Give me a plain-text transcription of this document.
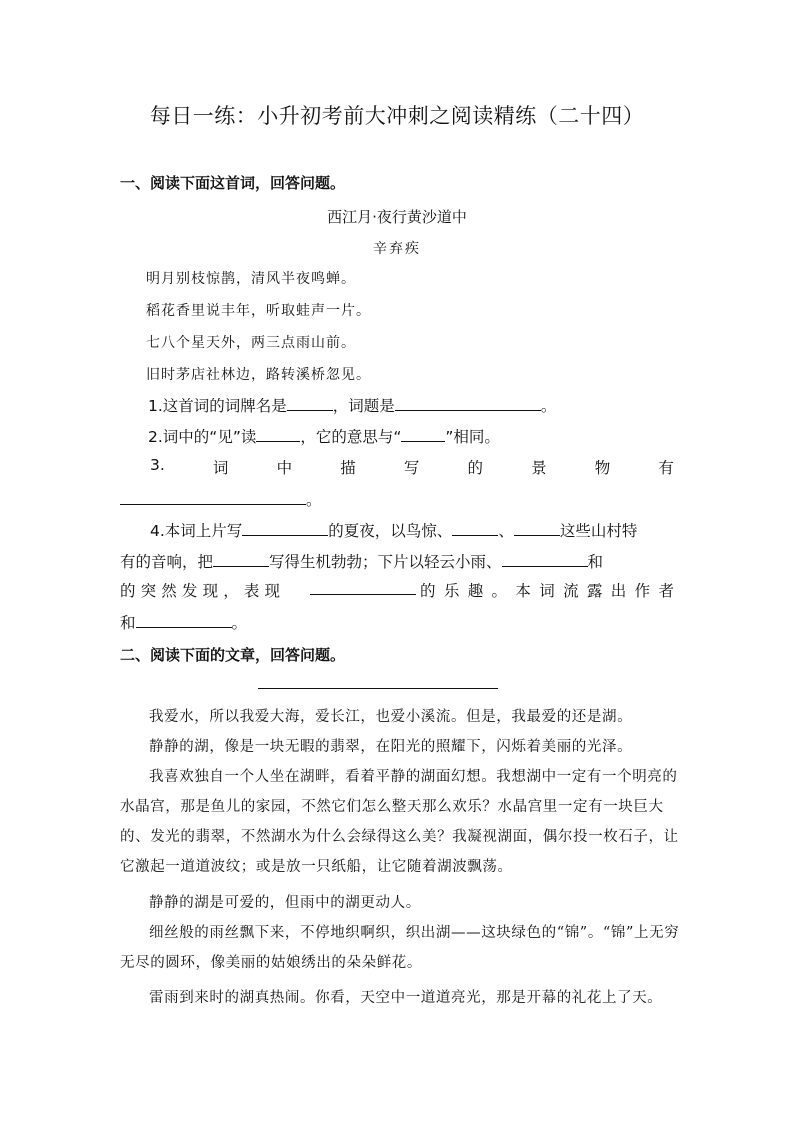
每日一练：小升初考前大冲刺之阅读精练（二十四）
一、阅读下面这首词，回答问题。
西江月·夜行黄沙道中
辛弃疾
明月别枝惊鹊，清风半夜鸣蝉。
稻花香里说丰年，听取蛙声一片。
七八个星天外，两三点雨山前。
旧时茅店社林边，路转溪桥忽见。
1.这首词的词牌名是	，词题是	。
2.词中的“见”读	，它的意思与“	”相同。
3.	词	中	描	写	的	景	物	有
。
4.本词上片写	的夏夜，以鸟惊、	、	这些山村特
有的音响，把	写得生机勃勃；下片以轻云小雨、	和
的 突 然 发 现 ， 表 现	的 乐 趣 。 本 词 流 露 出 作 者
和	。
二、阅读下面的文章，回答问题。
我爱水，所以我爱大海，爱长江，也爱小溪流。但是，我最爱的还是湖。
静静的湖，像是一块无暇的翡翠，在阳光的照耀下，闪烁着美丽的光泽。
我喜欢独自一个人坐在湖畔，看着平静的湖面幻想。我想湖中一定有一个明亮的水晶宫，那是鱼儿的家园，不然它们怎么整天那么欢乐？水晶宫里一定有一块巨大的、发光的翡翠，不然湖水为什么会绿得这么美？我凝视湖面，偶尔投一枚石子，让它激起一道道波纹；或是放一只纸船，让它随着湖波飘荡。
静静的湖是可爱的，但雨中的湖更动人。
细丝般的雨丝飘下来，不停地织啊织，织出湖——这块绿色的“锦”。“锦”上无穷无尽的圆环，像美丽的姑娘绣出的朵朵鲜花。
雷雨到来时的湖真热闹。你看，天空中一道道亮光，那是开幕的礼花上了天。
